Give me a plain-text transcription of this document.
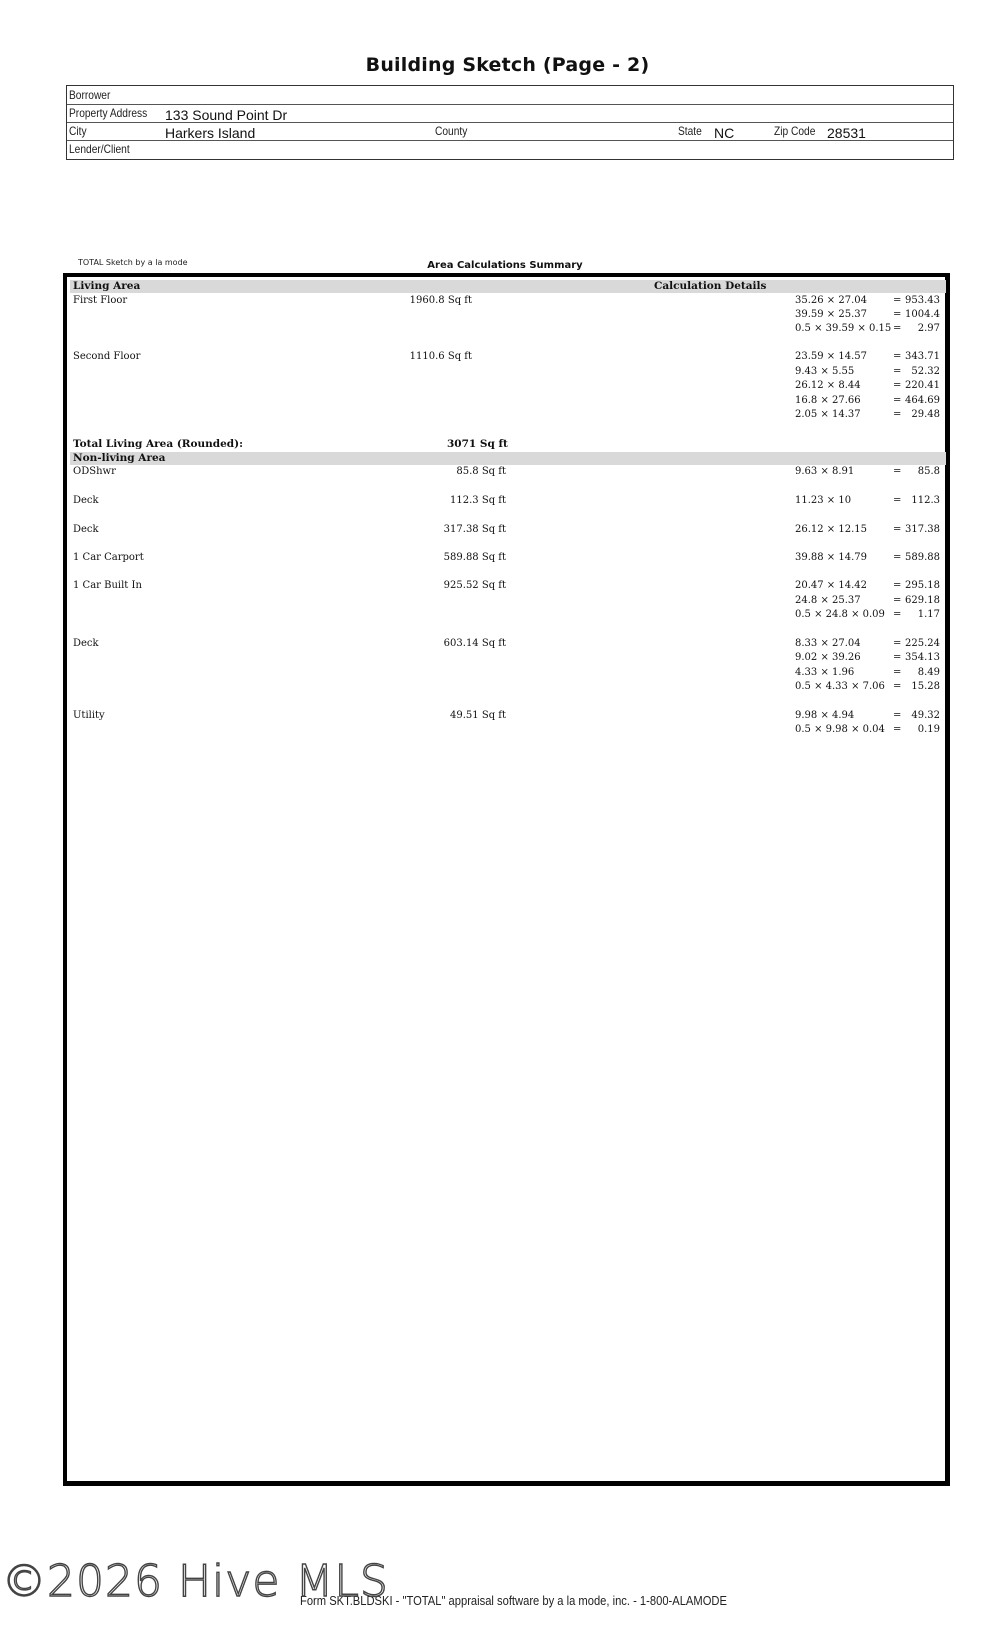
Building Sketch (Page - 2)
Borrower
Property Address 133 Sound Point Dr
City	Harkers Island	County	State NC	Zip Code 28531
Lender/Client
TOTAL Sketch by a la mode	Area Calculations Summary
Living Area	Calculation Details
First Floor	1960.8 Sq ft	35.26 × 27.04	= 953.43
39.59 × 25.37	= 1004.4
0.5 × 39.59 × 0.15 =	2.97
Second Floor	1110.6 Sq ft	23.59 × 14.57	= 343.71
9.43 × 5.55	= 52.32
26.12 × 8.44	= 220.41
16.8 × 27.66	= 464.69
2.05 × 14.37	= 29.48
Total Living Area (Rounded):	3071 Sq ft
Non-living Area
ODShwr	85.8 Sq ft	9.63 × 8.91	=	85.8
Deck	112.3 Sq ft	11.23 × 10	= 112.3
Deck	317.38 Sq ft	26.12 × 12.15	= 317.38
1 Car Carport	589.88 Sq ft	39.88 × 14.79	= 589.88
1 Car Built In	925.52 Sq ft	20.47 × 14.42	= 295.18
24.8 × 25.37	= 629.18
0.5 × 24.8 × 0.09 =	1.17
Deck	603.14 Sq ft	8.33 × 27.04	= 225.24
9.02 × 39.26	= 354.13
4.33 × 1.96	=	8.49
0.5 × 4.33 × 7.06 = 15.28
Utility	49.51 Sq ft	9.98 × 4.94	= 49.32
0.5 × 9.98 × 0.04 =	0.19
Form SKT.BLDSKI - "TOTAL" appraisal software by a la mode, inc. - 1-800-ALAMODE
©2026 Hive MLS
